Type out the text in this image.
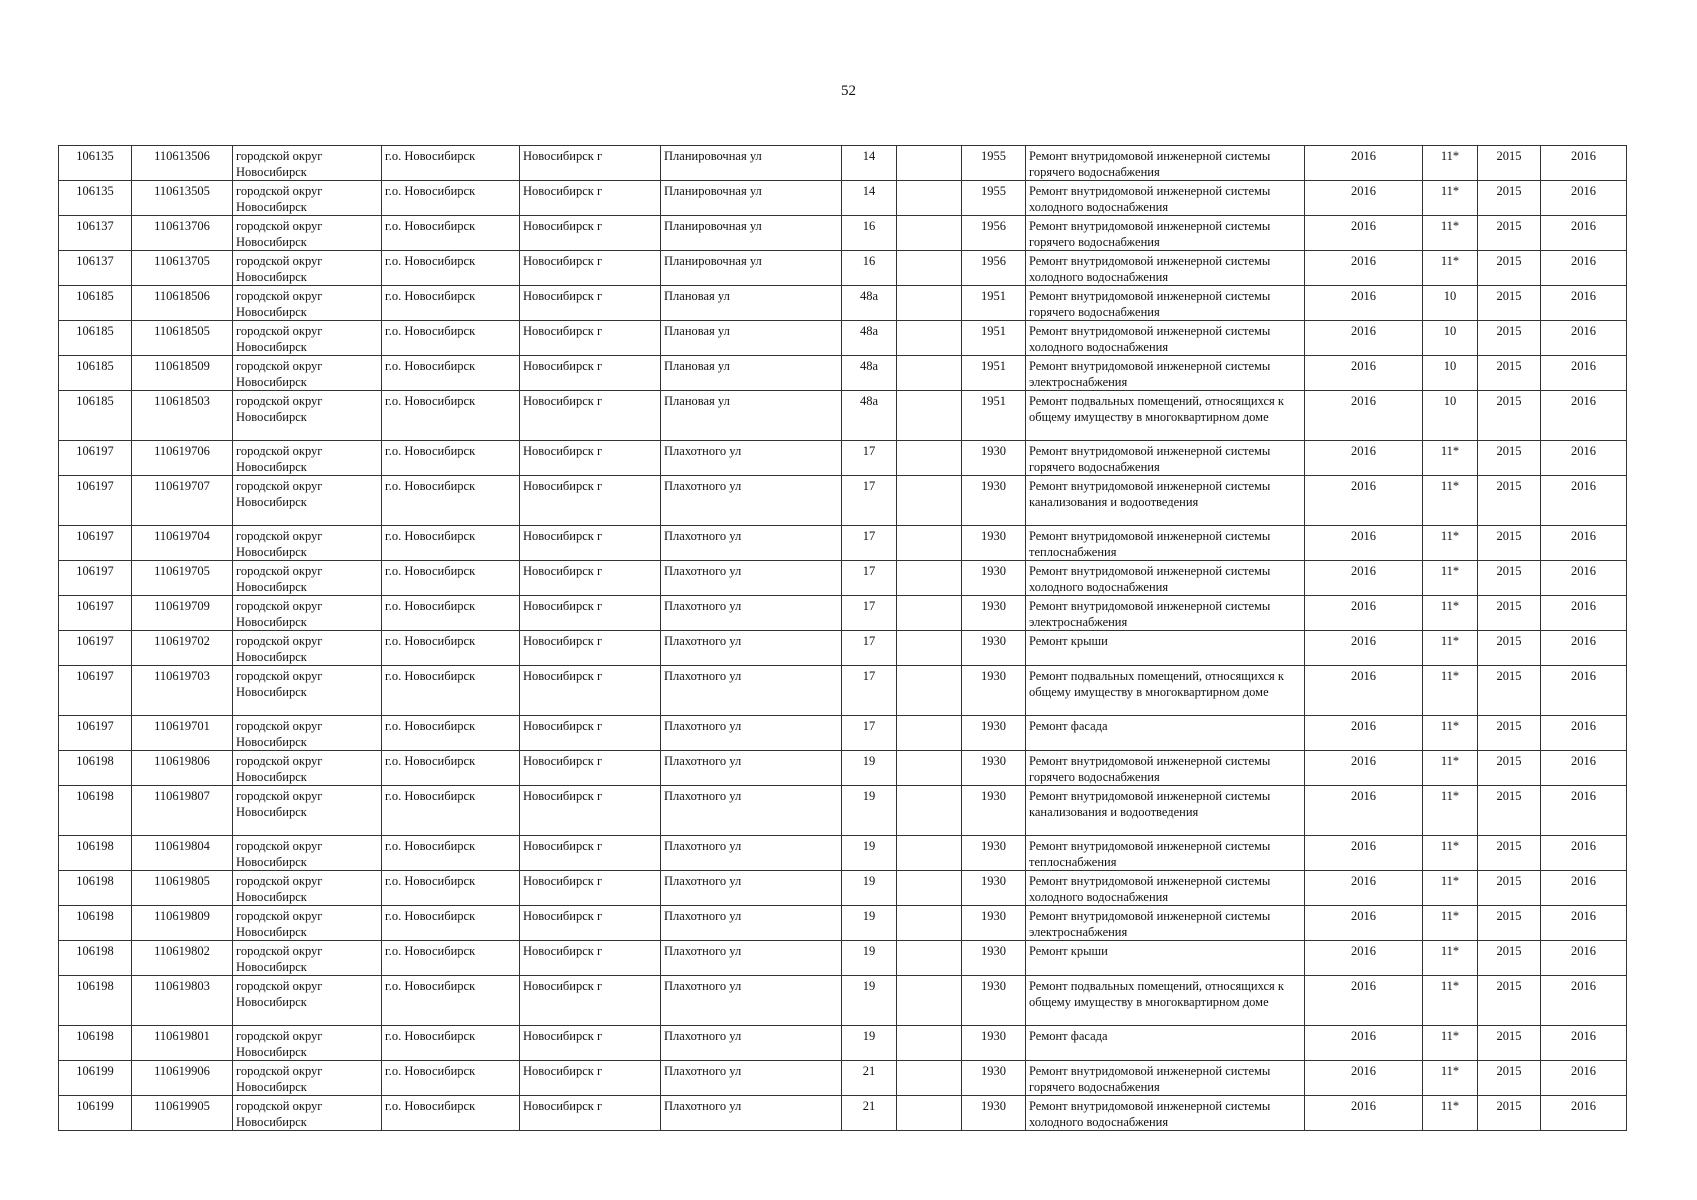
52
106135	110613506	городской округ Новосибирск	г.о. Новосибирск	Новосибирск г	Планировочная ул	14		1955	Ремонт внутридомовой инженерной системы горячего водоснабжения	2016	11*	2015	2016
106135	110613505	городской округ Новосибирск	г.о. Новосибирск	Новосибирск г	Планировочная ул	14		1955	Ремонт внутридомовой инженерной системы холодного водоснабжения	2016	11*	2015	2016
106137	110613706	городской округ Новосибирск	г.о. Новосибирск	Новосибирск г	Планировочная ул	16		1956	Ремонт внутридомовой инженерной системы горячего водоснабжения	2016	11*	2015	2016
106137	110613705	городской округ Новосибирск	г.о. Новосибирск	Новосибирск г	Планировочная ул	16		1956	Ремонт внутридомовой инженерной системы холодного водоснабжения	2016	11*	2015	2016
106185	110618506	городской округ Новосибирск	г.о. Новосибирск	Новосибирск г	Плановая ул	48а		1951	Ремонт внутридомовой инженерной системы горячего водоснабжения	2016	10	2015	2016
106185	110618505	городской округ Новосибирск	г.о. Новосибирск	Новосибирск г	Плановая ул	48а		1951	Ремонт внутридомовой инженерной системы холодного водоснабжения	2016	10	2015	2016
106185	110618509	городской округ Новосибирск	г.о. Новосибирск	Новосибирск г	Плановая ул	48а		1951	Ремонт внутридомовой инженерной системы электроснабжения	2016	10	2015	2016
106185	110618503	городской округ Новосибирск	г.о. Новосибирск	Новосибирск г	Плановая ул	48а		1951	Ремонт подвальных помещений, относящихся к общему имуществу в многоквартирном доме	2016	10	2015	2016
106197	110619706	городской округ Новосибирск	г.о. Новосибирск	Новосибирск г	Плахотного ул	17		1930	Ремонт внутридомовой инженерной системы горячего водоснабжения	2016	11*	2015	2016
106197	110619707	городской округ Новосибирск	г.о. Новосибирск	Новосибирск г	Плахотного ул	17		1930	Ремонт внутридомовой инженерной системы канализования и водоотведения	2016	11*	2015	2016
106197	110619704	городской округ Новосибирск	г.о. Новосибирск	Новосибирск г	Плахотного ул	17		1930	Ремонт внутридомовой инженерной системы теплоснабжения	2016	11*	2015	2016
106197	110619705	городской округ Новосибирск	г.о. Новосибирск	Новосибирск г	Плахотного ул	17		1930	Ремонт внутридомовой инженерной системы холодного водоснабжения	2016	11*	2015	2016
106197	110619709	городской округ Новосибирск	г.о. Новосибирск	Новосибирск г	Плахотного ул	17		1930	Ремонт внутридомовой инженерной системы электроснабжения	2016	11*	2015	2016
106197	110619702	городской округ Новосибирск	г.о. Новосибирск	Новосибирск г	Плахотного ул	17		1930	Ремонт крыши	2016	11*	2015	2016
106197	110619703	городской округ Новосибирск	г.о. Новосибирск	Новосибирск г	Плахотного ул	17		1930	Ремонт подвальных помещений, относящихся к общему имуществу в многоквартирном доме	2016	11*	2015	2016
106197	110619701	городской округ Новосибирск	г.о. Новосибирск	Новосибирск г	Плахотного ул	17		1930	Ремонт фасада	2016	11*	2015	2016
106198	110619806	городской округ Новосибирск	г.о. Новосибирск	Новосибирск г	Плахотного ул	19		1930	Ремонт внутридомовой инженерной системы горячего водоснабжения	2016	11*	2015	2016
106198	110619807	городской округ Новосибирск	г.о. Новосибирск	Новосибирск г	Плахотного ул	19		1930	Ремонт внутридомовой инженерной системы канализования и водоотведения	2016	11*	2015	2016
106198	110619804	городской округ Новосибирск	г.о. Новосибирск	Новосибирск г	Плахотного ул	19		1930	Ремонт внутридомовой инженерной системы теплоснабжения	2016	11*	2015	2016
106198	110619805	городской округ Новосибирск	г.о. Новосибирск	Новосибирск г	Плахотного ул	19		1930	Ремонт внутридомовой инженерной системы холодного водоснабжения	2016	11*	2015	2016
106198	110619809	городской округ Новосибирск	г.о. Новосибирск	Новосибирск г	Плахотного ул	19		1930	Ремонт внутридомовой инженерной системы электроснабжения	2016	11*	2015	2016
106198	110619802	городской округ Новосибирск	г.о. Новосибирск	Новосибирск г	Плахотного ул	19		1930	Ремонт крыши	2016	11*	2015	2016
106198	110619803	городской округ Новосибирск	г.о. Новосибирск	Новосибирск г	Плахотного ул	19		1930	Ремонт подвальных помещений, относящихся к общему имуществу в многоквартирном доме	2016	11*	2015	2016
106198	110619801	городской округ Новосибирск	г.о. Новосибирск	Новосибирск г	Плахотного ул	19		1930	Ремонт фасада	2016	11*	2015	2016
106199	110619906	городской округ Новосибирск	г.о. Новосибирск	Новосибирск г	Плахотного ул	21		1930	Ремонт внутридомовой инженерной системы горячего водоснабжения	2016	11*	2015	2016
106199	110619905	городской округ Новосибирск	г.о. Новосибирск	Новосибирск г	Плахотного ул	21		1930	Ремонт внутридомовой инженерной системы холодного водоснабжения	2016	11*	2015	2016
